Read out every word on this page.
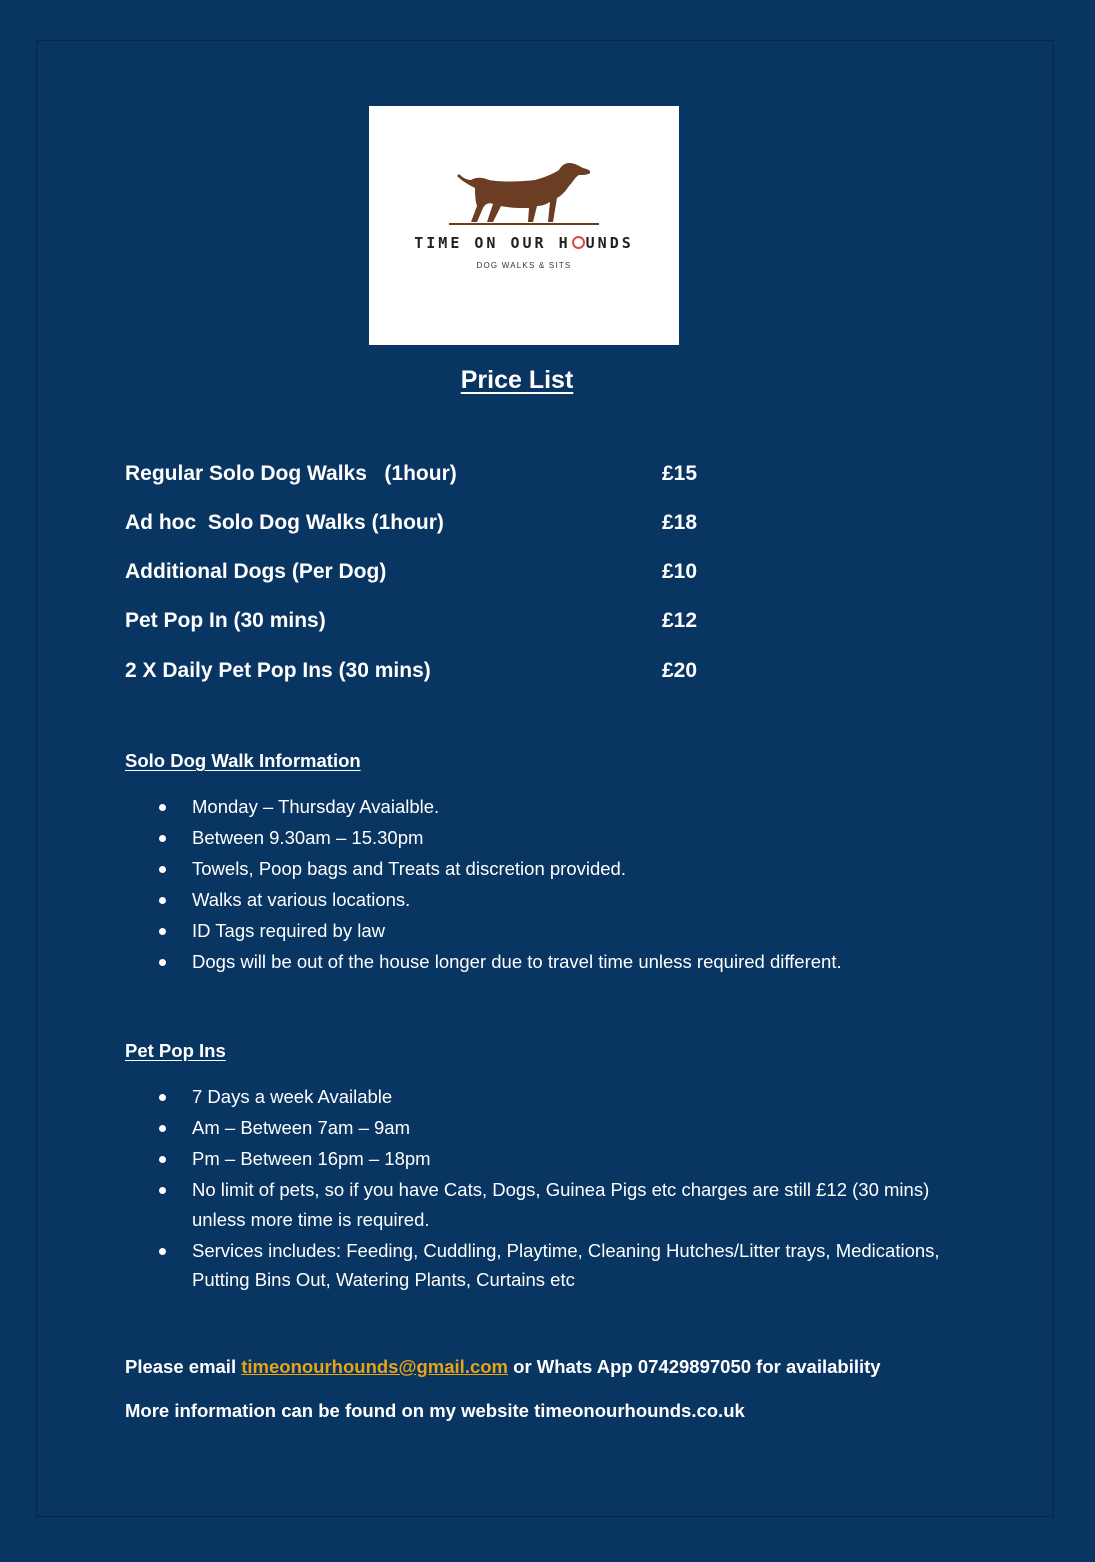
TIME ON OUR H UNDS
DOG WALKS & SITS
Price List
Regular Solo Dog Walks   (1hour)	£15
Ad hoc  Solo Dog Walks (1hour)	£18
Additional Dogs (Per Dog)	£10
Pet Pop In (30 mins)	£12
2 X Daily Pet Pop Ins (30 mins)	£20
Solo Dog Walk Information
Monday – Thursday Avaialble.
Between 9.30am – 15.30pm
Towels, Poop bags and Treats at discretion provided.
Walks at various locations.
ID Tags required by law
Dogs will be out of the house longer due to travel time unless required different.
Pet Pop Ins
7 Days a week Available
Am – Between 7am – 9am
Pm – Between 16pm – 18pm
No limit of pets, so if you have Cats, Dogs, Guinea Pigs etc charges are still £12 (30 mins) unless more time is required.
Services includes: Feeding, Cuddling, Playtime, Cleaning Hutches/Litter trays, Medications, Putting Bins Out, Watering Plants, Curtains etc
Please email timeonourhounds@gmail.com or Whats App 07429897050 for availability
More information can be found on my website timeonourhounds.co.uk
